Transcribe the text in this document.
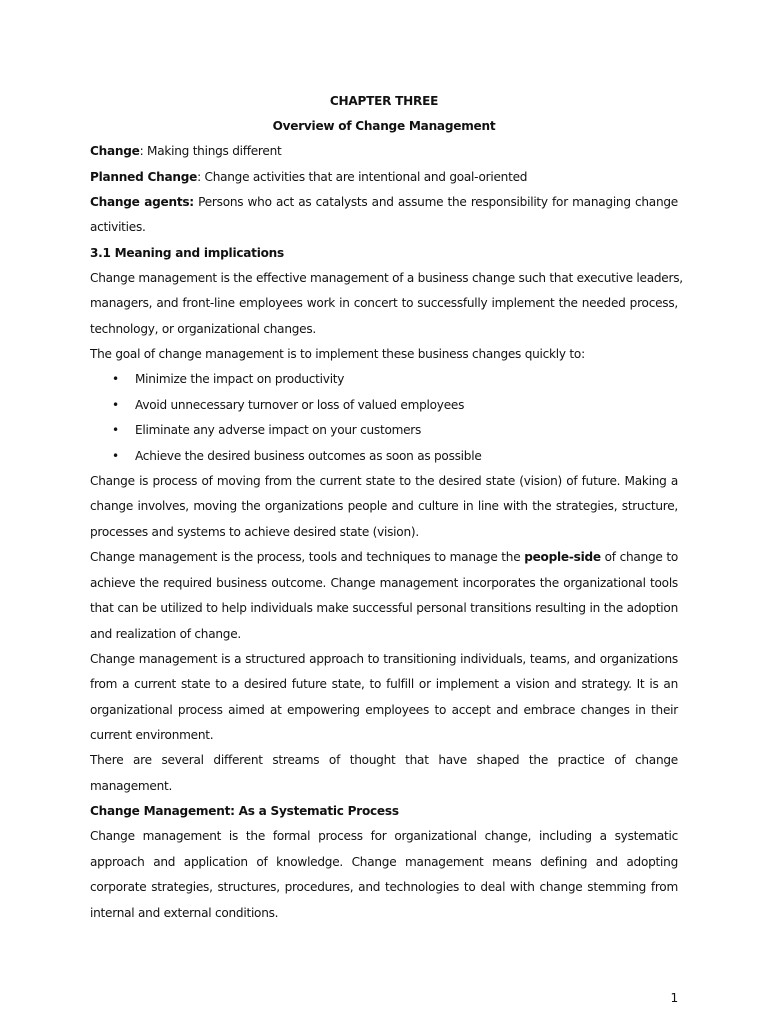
CHAPTER THREE
Overview of Change Management
Change: Making things different
Planned Change: Change activities that are intentional and goal-oriented
Change agents: Persons who act as catalysts and assume the responsibility for managing change
activities.
3.1 Meaning and implications
Change management is the effective management of a business change such that executive leaders,
managers, and front-line employees work in concert to successfully implement the needed process,
technology, or organizational changes.
The goal of change management is to implement these business changes quickly to:
• Minimize the impact on productivity
• Avoid unnecessary turnover or loss of valued employees
• Eliminate any adverse impact on your customers
• Achieve the desired business outcomes as soon as possible
Change is process of moving from the current state to the desired state (vision) of future. Making a
change involves, moving the organizations people and culture in line with the strategies, structure,
processes and systems to achieve desired state (vision).
Change management is the process, tools and techniques to manage the people-side of change to
achieve the required business outcome. Change management incorporates the organizational tools
that can be utilized to help individuals make successful personal transitions resulting in the adoption
and realization of change.
Change management is a structured approach to transitioning individuals, teams, and organizations
from a current state to a desired future state, to fulfill or implement a vision and strategy. It is an
organizational process aimed at empowering employees to accept and embrace changes in their
current environment.
There are several different streams of thought that have shaped the practice of change
management.
Change Management: As a Systematic Process
Change management is the formal process for organizational change, including a systematic
approach and application of knowledge. Change management means defining and adopting
corporate strategies, structures, procedures, and technologies to deal with change stemming from
internal and external conditions.
1
